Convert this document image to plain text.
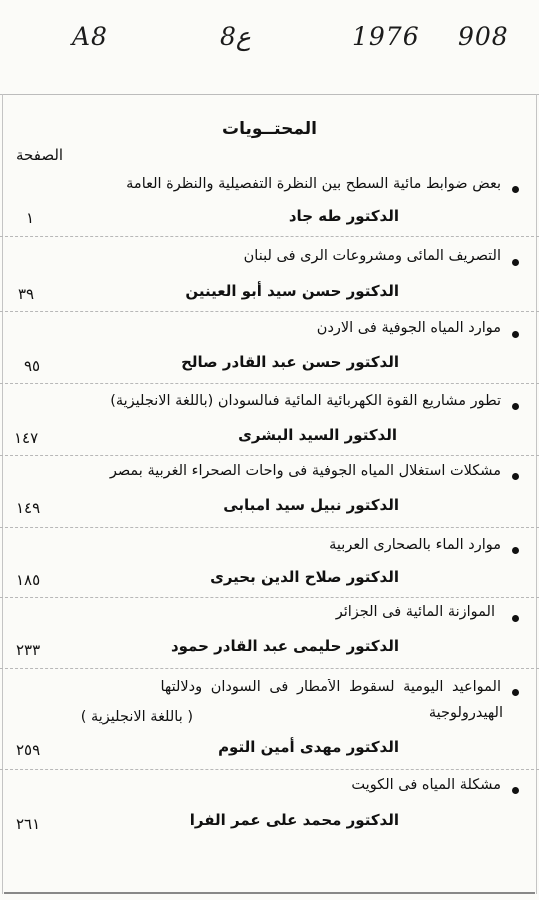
A8	8ع	1976 908
المحتــويات
الصفحة
بعض ضوابط مائية السطح بين النظرة التفصيلية والنظرة العامة
الدكتور طه جاد
١
التصريف المائى ومشروعات الرى فى لبنان
الدكتور حسن سيد أبو العينين
٣٩
موارد المياه الجوفية فى الاردن
الدكتور حسن عبد القادر صالح
٩٥
تطور مشاريع القوة الكهربائية المائية فىالسودان (باللغة الانجليزية)
الدكتور السيد البشرى
١٤٧
مشكلات استغلال المياه الجوفية فى واحات الصحراء الغربية بمصر
الدكتور نبيل سيد امبابى
١٤٩
موارد الماء بالصحارى العربية
الدكتور صلاح الدين بحيرى
١٨٥
الموازنة المائية فى الجزائر
الدكتور حليمى عبد القادر حمود
٢٣٣
المواعيد اليومية لسقوط الأمطار فى السودان ودلالتها
الهيدرولوجية
( باللغة الانجليزية )
الدكتور مهدى أمين التوم
٢٥٩
مشكلة المياه فى الكويت
الدكتور محمد على عمر الفرا
٢٦١
